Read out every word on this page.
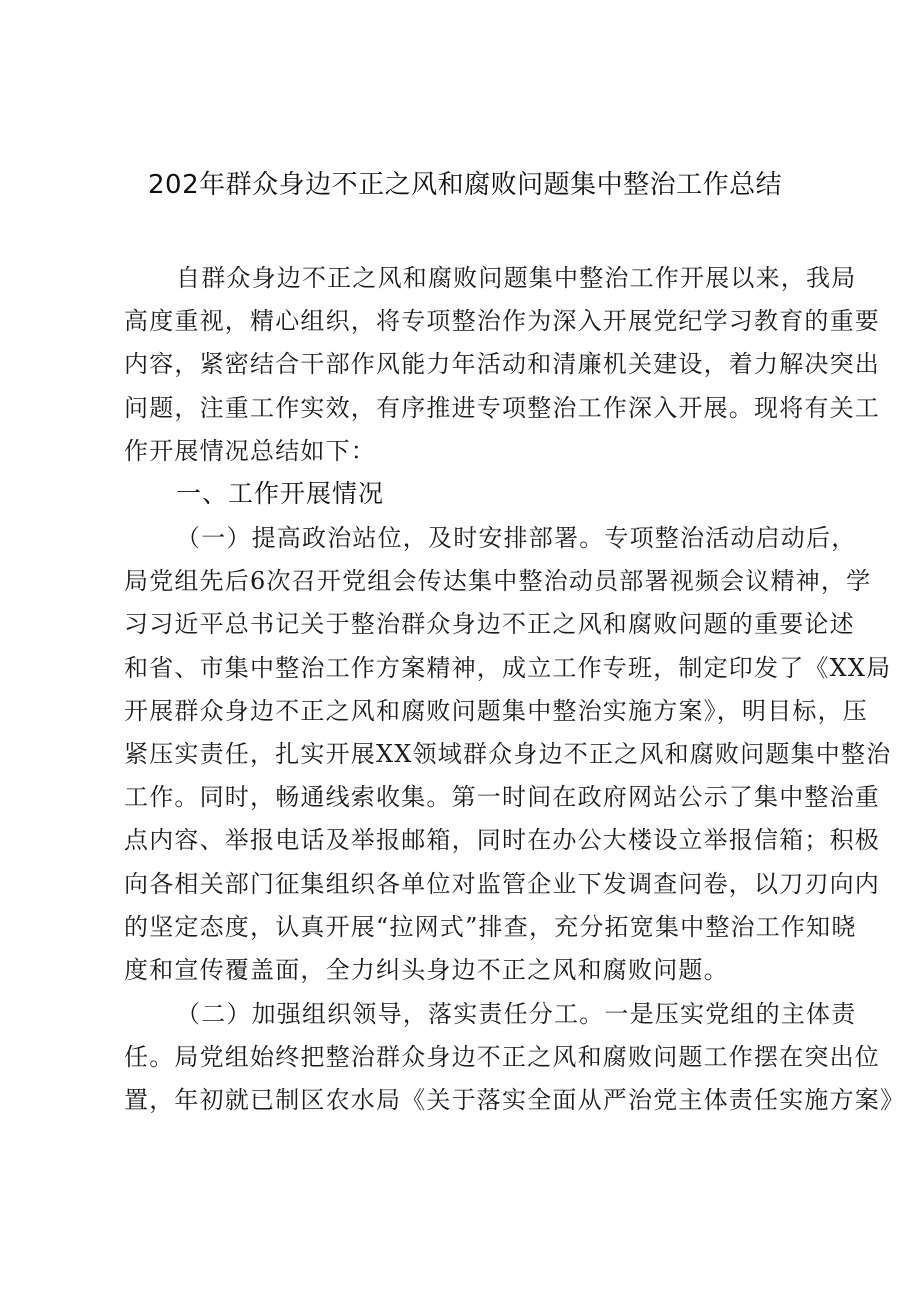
202年群众身边不正之风和腐败问题集中整治工作总结
自群众身边不正之风和腐败问题集中整治工作开展以来，我局
高度重视，精心组织，将专项整治作为深入开展党纪学习教育的重要
内容，紧密结合干部作风能力年活动和清廉机关建设，着力解决突出
问题，注重工作实效，有序推进专项整治工作深入开展。现将有关工
作开展情况总结如下：
一、工作开展情况
（一）提高政治站位，及时安排部署。专项整治活动启动后，
局党组先后6次召开党组会传达集中整治动员部署视频会议精神，学
习习近平总书记关于整治群众身边不正之风和腐败问题的重要论述
和省、市集中整治工作方案精神，成立工作专班，制定印发了《XX局
开展群众身边不正之风和腐败问题集中整治实施方案》，明目标，压
紧压实责任，扎实开展XX领域群众身边不正之风和腐败问题集中整治
工作。同时，畅通线索收集。第一时间在政府网站公示了集中整治重
点内容、举报电话及举报邮箱，同时在办公大楼设立举报信箱；积极
向各相关部门征集组织各单位对监管企业下发调查问卷，以刀刃向内
的坚定态度，认真开展“拉网式”排查，充分拓宽集中整治工作知晓
度和宣传覆盖面，全力纠头身边不正之风和腐败问题。
（二）加强组织领导，落实责任分工。一是压实党组的主体责
任。局党组始终把整治群众身边不正之风和腐败问题工作摆在突出位
置，年初就已制区农水局《关于落实全面从严治党主体责任实施方案》
